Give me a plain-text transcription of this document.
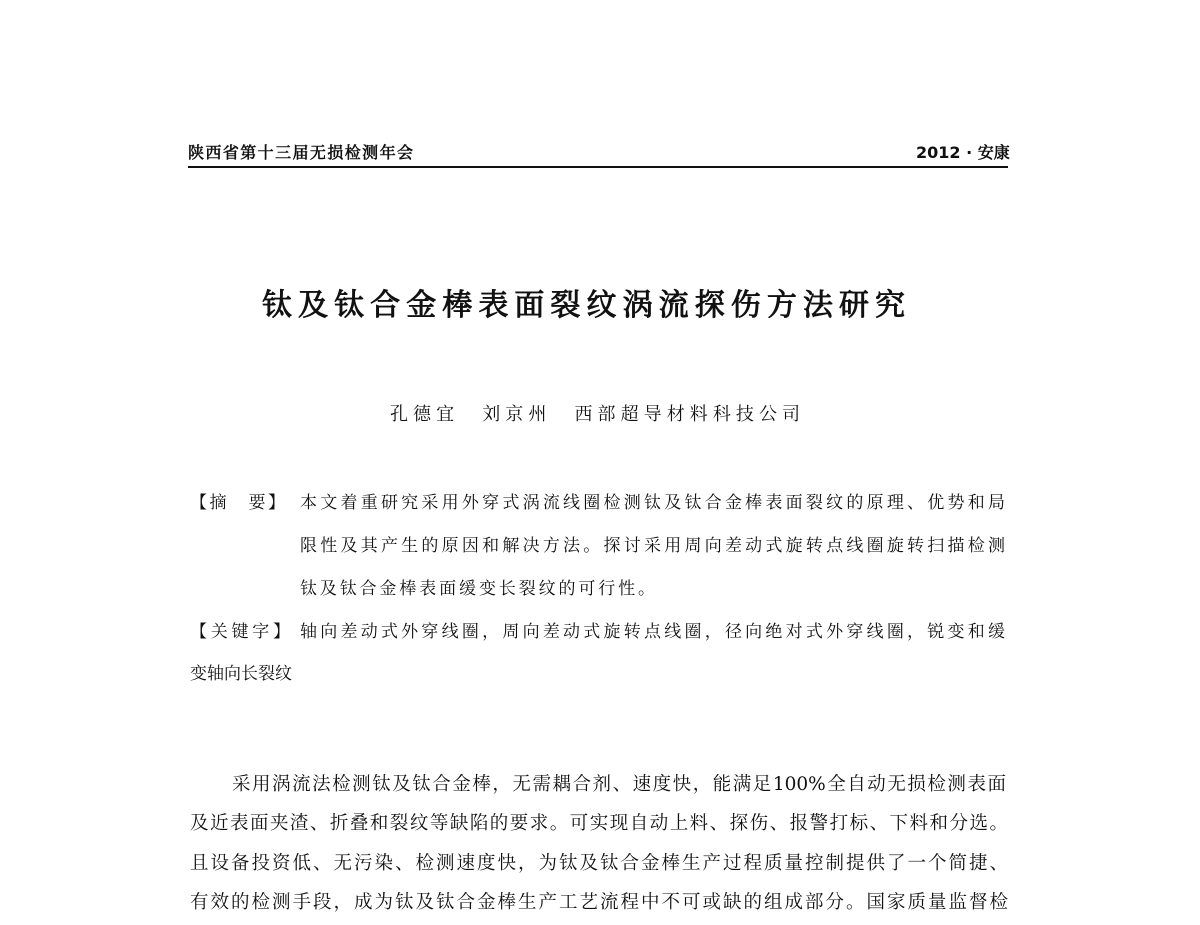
陕西省第十三届无损检测年会	2012 · 安康
钛及钛合金棒表面裂纹涡流探伤方法研究
孔德宜　刘京州　西部超导材料科技公司
【摘　要】 本文着重研究采用外穿式涡流线圈检测钛及钛合金棒表面裂纹的原理、优势和局
限性及其产生的原因和解决方法。探讨采用周向差动式旋转点线圈旋转扫描检测
钛及钛合金棒表面缓变长裂纹的可行性。
【关键字】 轴向差动式外穿线圈，周向差动式旋转点线圈，径向绝对式外穿线圈，锐变和缓
变轴向长裂纹
采用涡流法检测钛及钛合金棒，无需耦合剂、速度快，能满足100%全自动无损检测表面
及近表面夹渣、折叠和裂纹等缺陷的要求。可实现自动上料、探伤、报警打标、下料和分选。
且设备投资低、无污染、检测速度快，为钛及钛合金棒生产过程质量控制提供了一个简捷、
有效的检测手段，成为钛及钛合金棒生产工艺流程中不可或缺的组成部分。国家质量监督检
